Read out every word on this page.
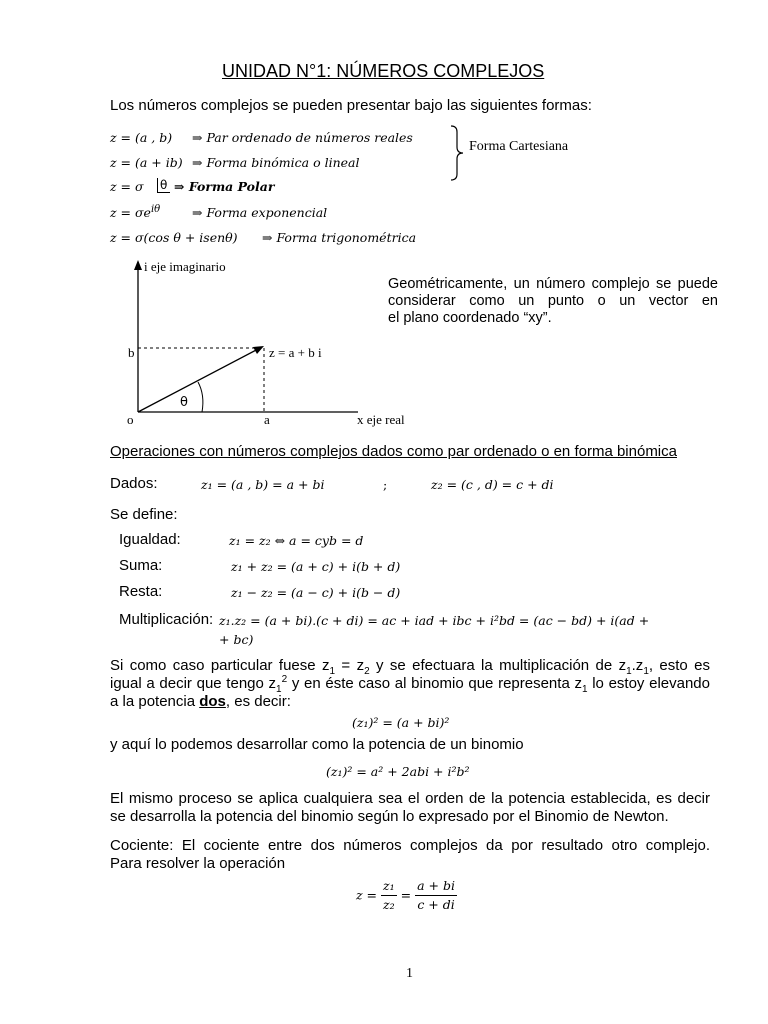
UNIDAD N°1: NÚMEROS COMPLEJOS
Los números complejos se pueden presentar bajo las siguientes formas:
z = (a , b) ⇒ Par ordenado de números reales
z = (a + ib) ⇒ Forma binómica o lineal
z = σ θ ⇒ Forma Polar
$z = \sigma e^{i\theta}$	⇒ Forma exponencial
z = σ(cos θ + isenθ) ⇒ Forma trigonométrica
Forma Cartesiana
i eje imaginario
b	z = a + b i
θ
o	a	x eje real
Geométricamente, un número complejo se puede considerar como un punto o un vector en
el plano coordenado “xy”.
Operaciones con números complejos dados como par ordenado o en forma binómica
Dados:	z₁ = (a , b) = a + bi	;	z₂ = (c , d) = c + di
Se define:
Igualdad:	z₁ = z₂ ⇔ a = cyb = d
Suma:	z₁ + z₂ = (a + c) + i(b + d)
Resta:	z₁ − z₂ = (a − c) + i(b − d)
Multiplicación: z₁.z₂ = (a + bi).(c + di) = ac + iad + ibc + i²bd = (ac − bd) + i(ad +
+ bc)
Si como caso particular fuese $z_1 = z_2$ y se efectuara la multiplicación de $z_1.z_1$, esto es igual a decir que tengo $z_1^2$ y en éste caso al binomio que representa $z_1$ lo estoy elevando a la potencia dos, es decir:
(z₁)² = (a + bi)²
y aquí lo podemos desarrollar como la potencia de un binomio
(z₁)² = a² + 2abi + i²b²
El mismo proceso se aplica cualquiera sea el orden de la potencia establecida, es decir
se desarrolla la potencia del binomio según lo expresado por el Binomio de Newton.
Cociente: El cociente entre dos números complejos da por resultado otro complejo.
Para resolver la operación
$z = \frac{\text{z₁}}{\text{z₂}} = \frac{a + bi}{c + di}$
1
